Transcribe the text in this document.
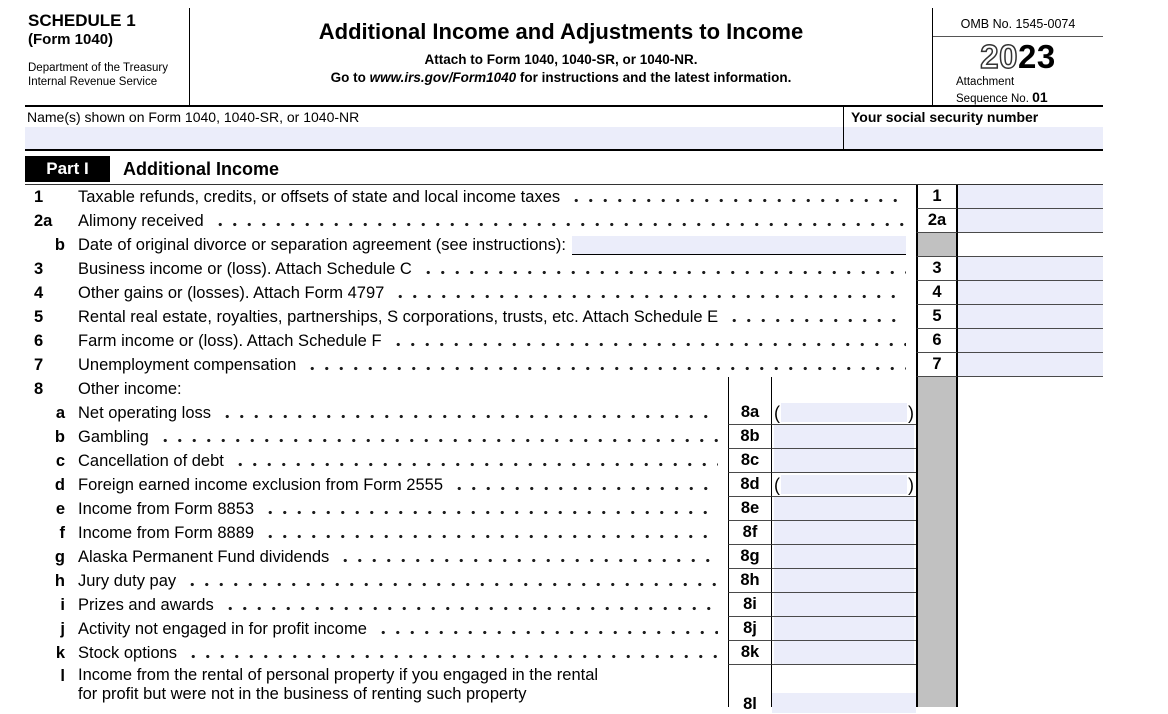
SCHEDULE 1
(Form 1040)
Department of the Treasury
Internal Revenue Service
Additional Income and Adjustments to Income
Attach to Form 1040, 1040-SR, or 1040-NR.
Go to www.irs.gov/Form1040 for instructions and the latest information.
OMB No. 1545-0074
2023
Attachment
Sequence No. 01
Name(s) shown on Form 1040, 1040-SR, or 1040-NR	Your social security number
Part I	Additional Income
1	Taxable refunds, credits, or offsets of state and local income taxes	1
2a	Alimony received	2a
b Date of original divorce or separation agreement (see instructions):
3	Business income or (loss). Attach Schedule C	3
4	Other gains or (losses). Attach Form 4797	4
5	Rental real estate, royalties, partnerships, S corporations, trusts, etc. Attach Schedule E	5
6	Farm income or (loss). Attach Schedule F	6
7	Unemployment compensation	7
8	Other income:
a Net operating loss	8a (	)
b Gambling	8b
c Cancellation of debt	8c
d Foreign earned income exclusion from Form 2555	8d (	)
e Income from Form 8853	8e
f Income from Form 8889	8f
g Alaska Permanent Fund dividends	8g
h Jury duty pay	8h
i Prizes and awards	8i
j Activity not engaged in for profit income	8j
k Stock options	8k
l Income from the rental of personal property if you engaged in the rental
for profit but were not in the business of renting such property
8l
